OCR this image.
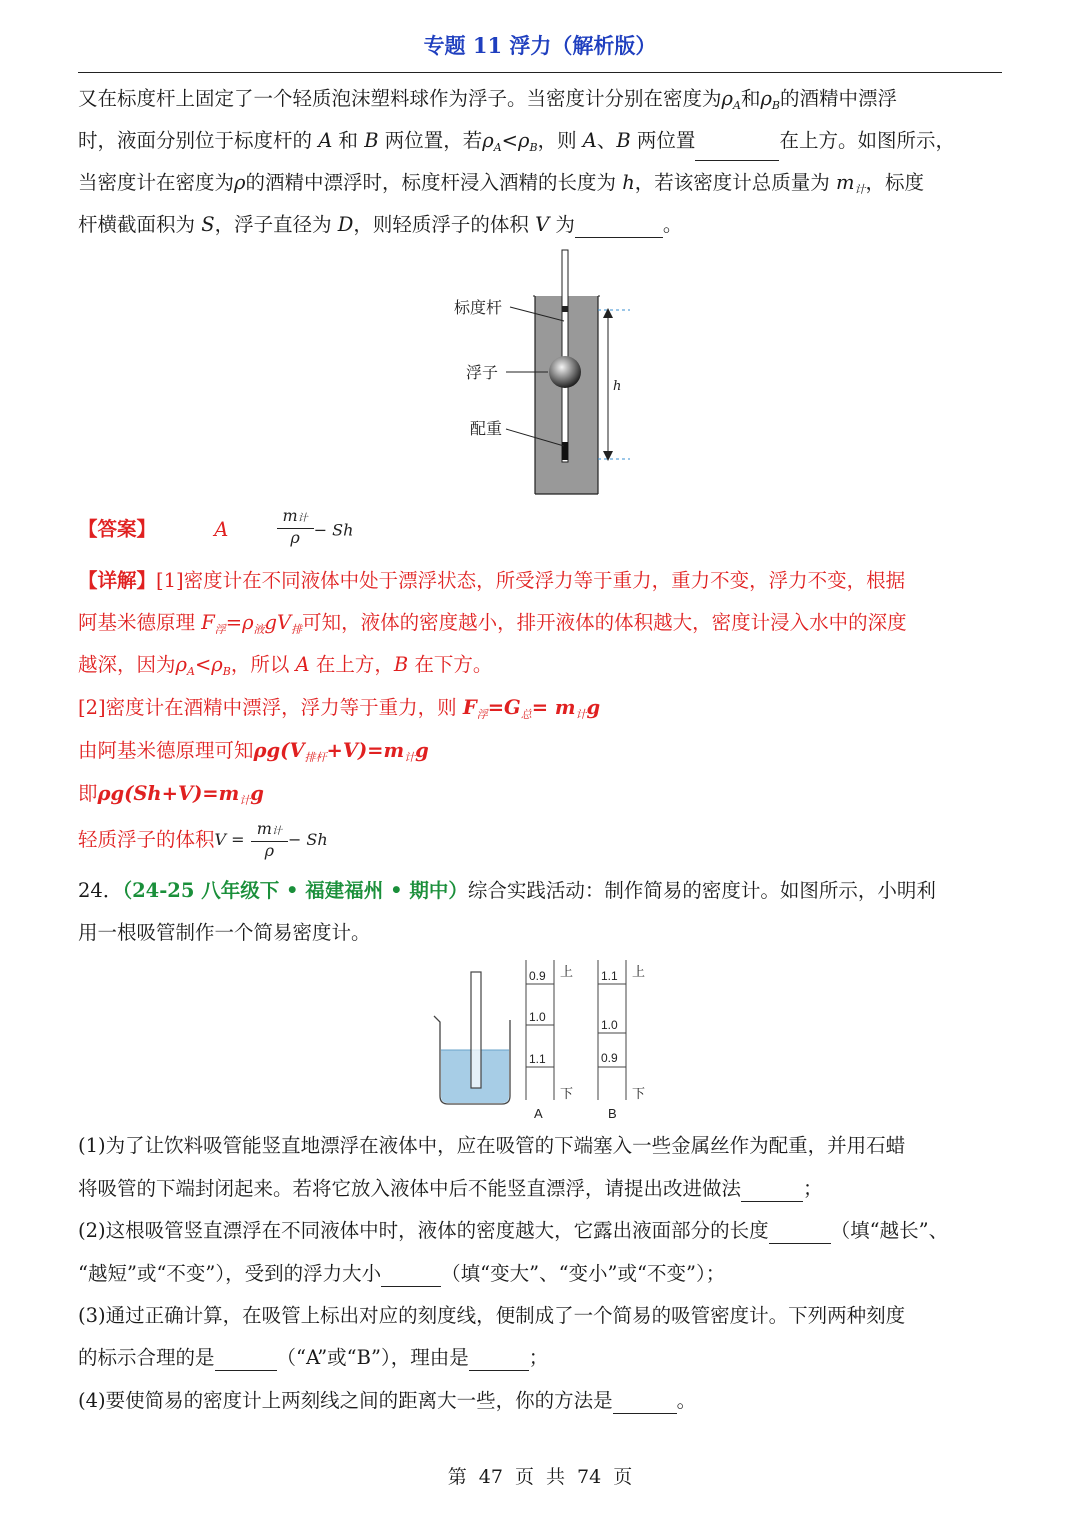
专题 11 浮力（解析版）
又在标度杆上固定了一个轻质泡沫塑料球作为浮子。当密度计分别在密度为$\rho_A$和$\rho_B$的酒精中漂浮
时，液面分别位于标度杆的 A 和 B 两位置，若$\rho_A<\rho_B$，则 A、B 两位置	在上方。如图所示，
当密度计在密度为ρ的酒精中漂浮时，标度杆浸入酒精的长度为 h，若该密度计总质量为 $m_计$，标度
杆横截面积为 S，浮子直径为 D，则轻质浮子的体积 V 为	。
标度杆
浮子
配重
h
【答案】	A	$\frac{\text{m计}}{\rho} - Sh$
【详解】[1]密度计在不同液体中处于漂浮状态，所受浮力等于重力，重力不变，浮力不变，根据
阿基米德原理 $F_浮=\rho_液gV_排$可知，液体的密度越小，排开液体的体积越大，密度计浸入水中的深度
越深，因为$\rho_A<\rho_B$，所以 A 在上方，B 在下方。
[2]密度计在酒精中漂浮，浮力等于重力，则 $F_浮=G_总= m_计g$
由阿基米德原理可知$\rho g(V_{排杆}+V)=m_计g$
即$\rho g(Sh+V)=m_计g$
轻质浮子的体积$V = \frac{\text{m计}}{\rho} - Sh$
24．（24-25 八年级下 • 福建福州 • 期中）综合实践活动：制作简易的密度计。如图所示，小明利
用一根吸管制作一个简易密度计。
0.9
1.0
1.1
上
下
A
1.1
1.0
0.9
上
下
B
(1)为了让饮料吸管能竖直地漂浮在液体中，应在吸管的下端塞入一些金属丝作为配重，并用石蜡
将吸管的下端封闭起来。若将它放入液体中后不能竖直漂浮，请提出改进做法	；
(2)这根吸管竖直漂浮在不同液体中时，液体的密度越大，它露出液面部分的长度	（填“越长”、
“越短”或“不变”），受到的浮力大小	（填“变大”、“变小”或“不变”）；
(3)通过正确计算，在吸管上标出对应的刻度线，便制成了一个简易的吸管密度计。下列两种刻度
的标示合理的是	（“A”或“B”），理由是	；
(4)要使简易的密度计上两刻线之间的距离大一些，你的方法是	。
第 47 页 共 74 页
